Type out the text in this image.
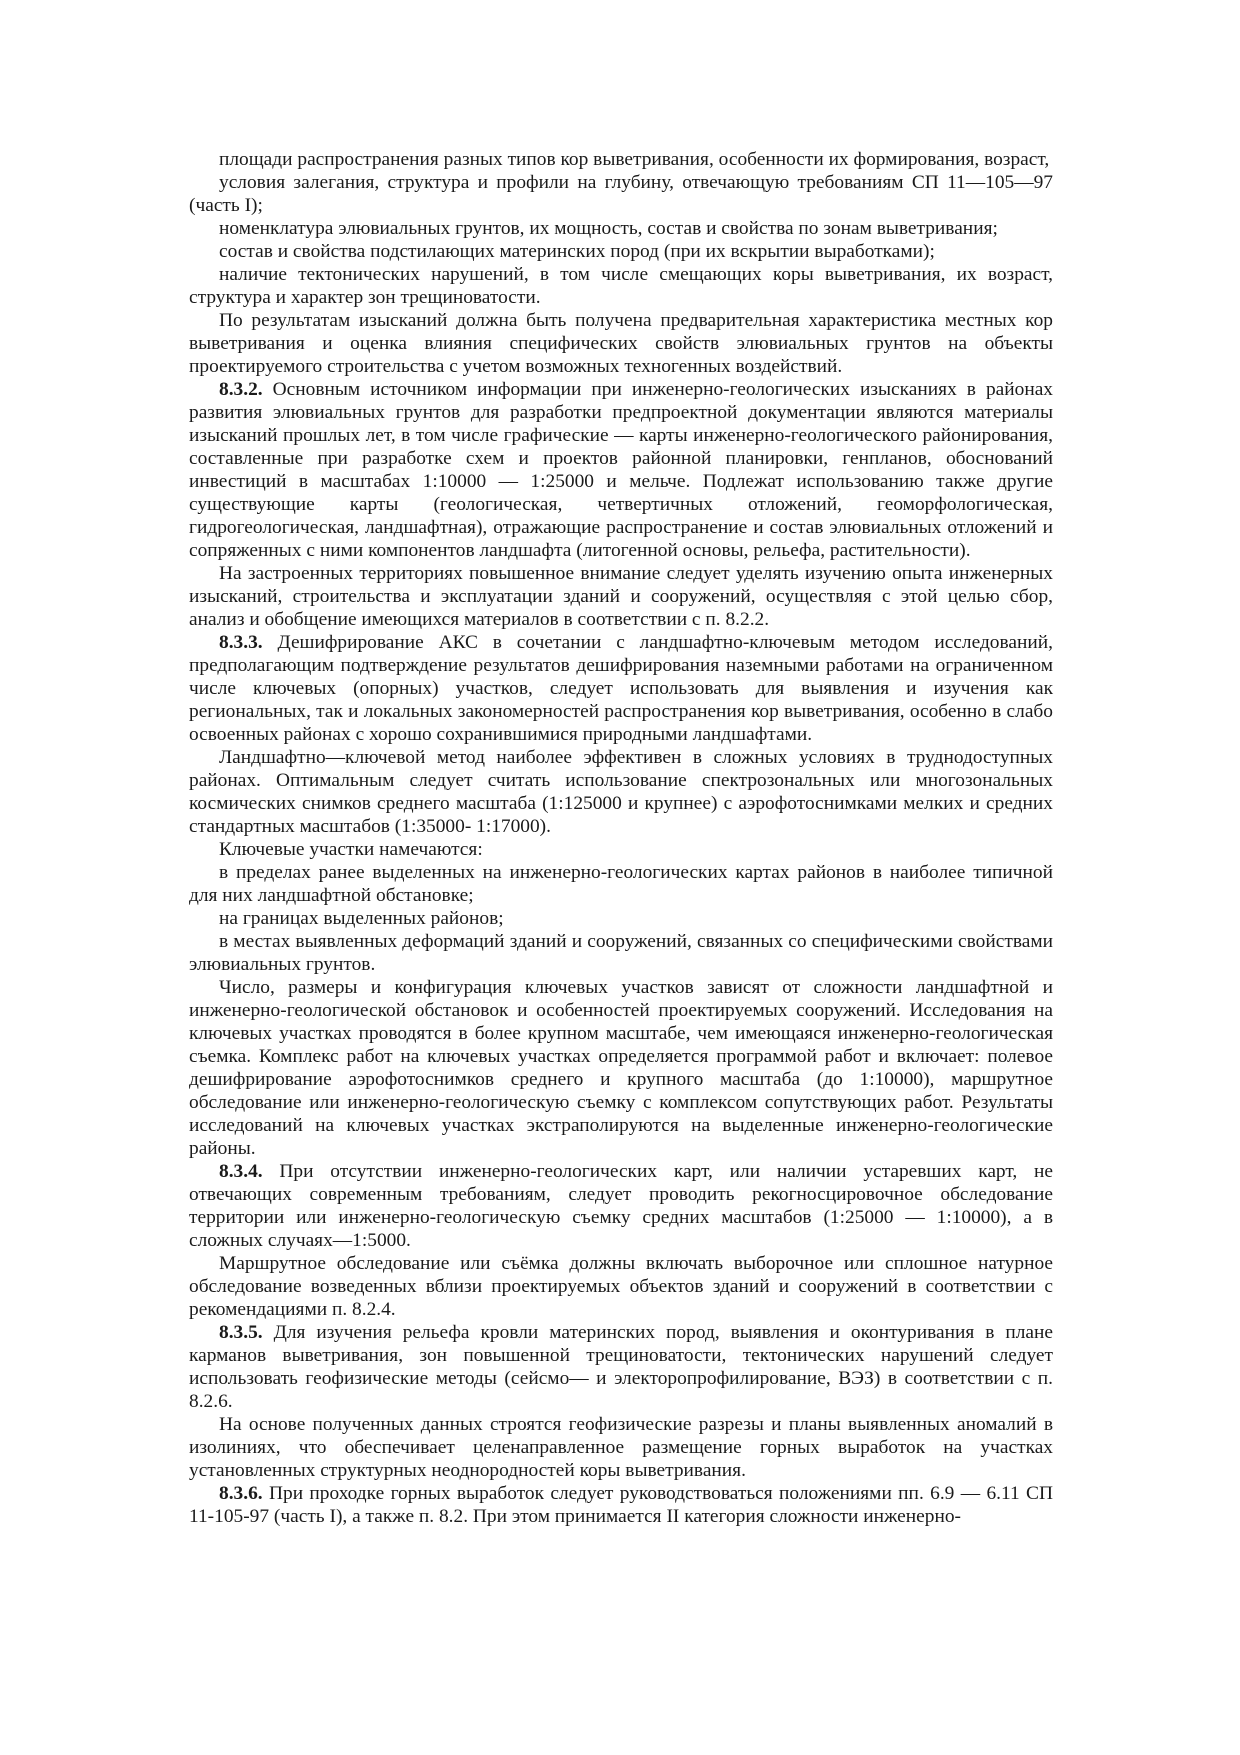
площади распространения разных типов кор выветривания, особенности их формирования, возраст,

условия залегания, структура и профили на глубину, отвечающую требованиям СП 11—105—97 (часть I);

номенклатура элювиальных грунтов, их мощность, состав и свойства по зонам выветривания;

состав и свойства подстилающих материнских пород (при их вскрытии выработками);

наличие тектонических нарушений, в том числе смещающих коры выветривания, их возраст, структура и характер зон трещиноватости.

По результатам изысканий должна быть получена предварительная характеристика местных кор выветривания и оценка влияния специфических свойств элювиальных грунтов на объекты проектируемого строительства с учетом возможных техногенных воздействий.

8.3.2. Основным источником информации при инженерно-геологических изысканиях в районах развития элювиальных грунтов для разработки предпроектной документации являются материалы изысканий прошлых лет, в том числе графические — карты инженерно-геологического районирования, составленные при разработке схем и проектов районной планировки, генпланов, обоснований инвестиций в масштабах 1:10000 — 1:25000 и мельче. Подлежат использованию также другие существующие карты (геологическая, четвертичных отложений, геоморфологическая, гидрогеологическая, ландшафтная), отражающие распространение и состав элювиальных отложений и сопряженных с ними компонентов ландшафта (литогенной основы, рельефа, растительности).

На застроенных территориях повышенное внимание следует уделять изучению опыта инженерных изысканий, строительства и эксплуатации зданий и сооружений, осуществляя с этой целью сбор, анализ и обобщение имеющихся материалов в соответствии с п. 8.2.2.

8.3.3. Дешифрирование АКС в сочетании с ландшафтно-ключевым методом исследований, предполагающим подтверждение результатов дешифрирования наземными работами на ограниченном числе ключевых (опорных) участков, следует использовать для выявления и изучения как региональных, так и локальных закономерностей распространения кор выветривания, особенно в слабо освоенных районах с хорошо сохранившимися природными ландшафтами.

Ландшафтно—ключевой метод наиболее эффективен в сложных условиях в труднодоступных районах. Оптимальным следует считать использование спектрозональных или многозональных космических снимков среднего масштаба (1:125000 и крупнее) с аэрофотоснимками мелких и средних стандартных масштабов (1:35000- 1:17000).

Ключевые участки намечаются:

в пределах ранее выделенных на инженерно-геологических картах районов в наиболее типичной для них ландшафтной обстановке;

на границах выделенных районов;

в местах выявленных деформаций зданий и сооружений, связанных со специфическими свойствами элювиальных грунтов.

Число, размеры и конфигурация ключевых участков зависят от сложности ландшафтной и инженерно-геологической обстановок и особенностей проектируемых сооружений. Исследования на ключевых участках проводятся в более крупном масштабе, чем имеющаяся инженерно-геологическая съемка. Комплекс работ на ключевых участках определяется программой работ и включает: полевое дешифрирование аэрофотоснимков среднего и крупного масштаба (до 1:10000), маршрутное обследование или инженерно-геологическую съемку с комплексом сопутствующих работ. Результаты исследований на ключевых участках экстраполируются на выделенные инженерно-геологические районы.

8.3.4. При отсутствии инженерно-геологических карт, или наличии устаревших карт, не отвечающих современным требованиям, следует проводить рекогносцировочное обследование территории или инженерно-геологическую съемку средних масштабов (1:25000 — 1:10000), а в сложных случаях—1:5000.

Маршрутное обследование или съёмка должны включать выборочное или сплошное натурное обследование возведенных вблизи проектируемых объектов зданий и сооружений в соответствии с рекомендациями п. 8.2.4.

8.3.5. Для изучения рельефа кровли материнских пород, выявления и оконтуривания в плане карманов выветривания, зон повышенной трещиноватости, тектонических нарушений следует использовать геофизические методы (сейсмо— и электоропрофилирование, ВЭЗ) в соответствии с п. 8.2.6.

На основе полученных данных строятся геофизические разрезы и планы выявленных аномалий в изолиниях, что обеспечивает целенаправленное размещение горных выработок на участках установленных структурных неоднородностей коры выветривания.

8.3.6. При проходке горных выработок следует руководствоваться положениями пп. 6.9 — 6.11 СП 11-105-97 (часть I), а также п. 8.2. При этом принимается II категория сложности инженерно-
